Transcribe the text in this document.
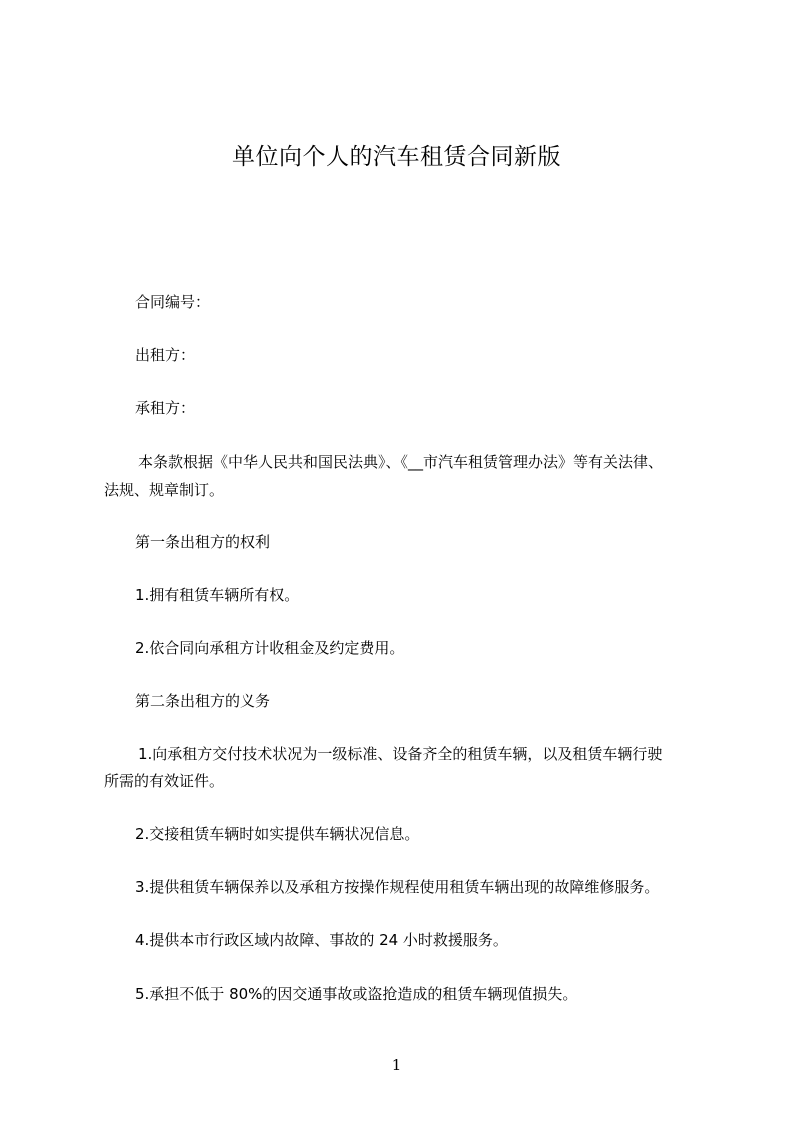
单位向个人的汽车租赁合同新版
合同编号：
出租方：
承租方：
本条款根据《中华人民共和国民法典》、《__市汽车租赁管理办法》等有关法律、
法规、规章制订。
第一条出租方的权利
1.拥有租赁车辆所有权。
2.依合同向承租方计收租金及约定费用。
第二条出租方的义务
1.向承租方交付技术状况为一级标准、设备齐全的租赁车辆，以及租赁车辆行驶
所需的有效证件。
2.交接租赁车辆时如实提供车辆状况信息。
3.提供租赁车辆保养以及承租方按操作规程使用租赁车辆出现的故障维修服务。
4.提供本市行政区域内故障、事故的 24 小时救援服务。
5.承担不低于 80%的因交通事故或盗抢造成的租赁车辆现值损失。
1
